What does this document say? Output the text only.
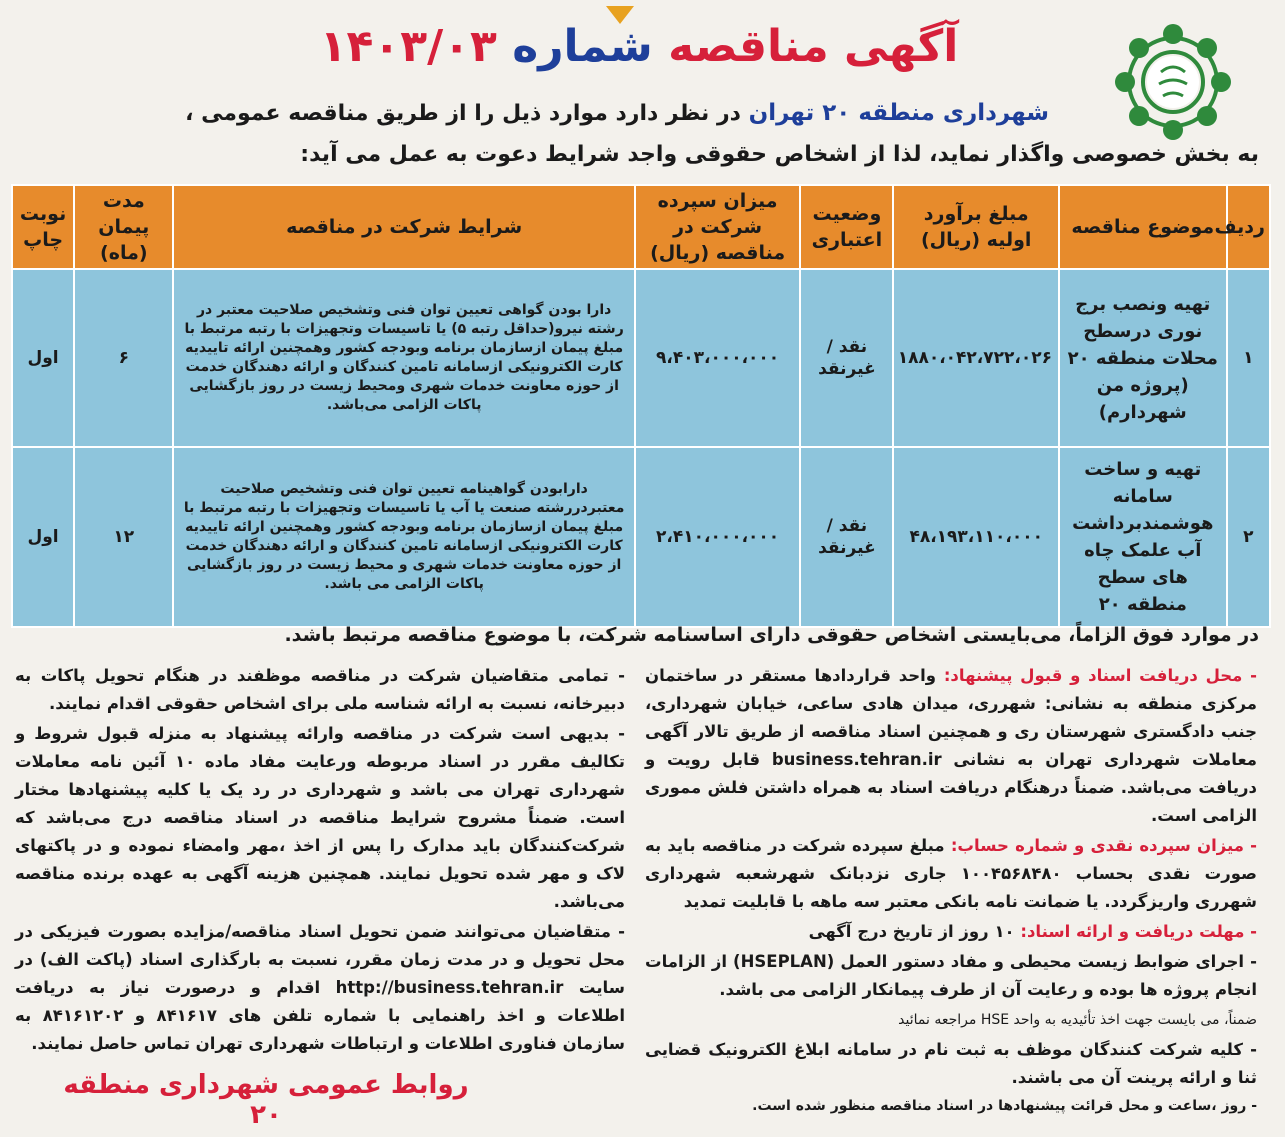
آگهی مناقصه شماره ۱۴۰۳/۰۳
شهرداری منطقه ۲۰ تهران در نظر دارد موارد ذیل را از طریق مناقصه عمومی ،
به بخش خصوصی واگذار نماید، لذا از اشخاص حقوقی واجد شرایط دعوت به عمل می آید:
ردیف	موضوع مناقصه	مبلغ برآورد اولیه (ریال)	وضعیت اعتباری	میزان سپرده شرکت در مناقصه (ریال)	شرایط شرکت در مناقصه	مدت پیمان (ماه)	نوبت چاپ
۱	تهیه ونصب برج نوری درسطح محلات منطقه ۲۰ (پروژه من شهردارم)	۱۸۸۰،۰۴۲،۷۲۲،۰۲۶	نقد / غیرنقد	۹،۴۰۳،۰۰۰،۰۰۰	دارا بودن گواهی تعیین توان فنی وتشخیص صلاحیت معتبر در رشته نیرو(حداقل رتبه ۵) یا تاسیسات وتجهیزات با رتبه مرتبط با مبلغ پیمان ازسازمان برنامه وبودجه کشور وهمچنین ارائه تاییدیه کارت الکترونیکی ازسامانه تامین کنندگان و ارائه دهندگان خدمت از حوزه معاونت خدمات شهری ومحیط زیست در روز بازگشایی پاکات الزامی می‌باشد.	۶	اول
۲	تهیه و ساخت سامانه هوشمندبرداشت آب علمک چاه های سطح منطقه ۲۰	۴۸،۱۹۳،۱۱۰،۰۰۰	نقد / غیرنقد	۲،۴۱۰،۰۰۰،۰۰۰	دارابودن گواهینامه تعیین توان فنی وتشخیص صلاحیت معتبردررشته صنعت یا آب یا تاسیسات وتجهیزات با رتبه مرتبط با مبلغ پیمان ازسازمان برنامه وبودجه کشور وهمچنین ارائه تاییدیه کارت الکترونیکی ازسامانه تامین کنندگان و ارائه دهندگان خدمت از حوزه معاونت خدمات شهری و محیط زیست در روز بازگشایی پاکات الزامی می باشد.	۱۲	اول
در موارد فوق الزاماً، می‌بایستی اشخاص حقوقی دارای اساسنامه شرکت، با موضوع مناقصه مرتبط باشد.

- محل دریافت اسناد و قبول پیشنهاد: واحد قراردادها مستقر در ساختمان مرکزی منطقه به نشانی: شهرری، میدان هادی ساعی، خیابان شهرداری، جنب دادگستری شهرستان ری و همچنین اسناد مناقصه از طریق تالار آگهی معاملات شهرداری تهران به نشانی business.tehran.ir قابل رویت و دریافت می‌باشد. ضمناً درهنگام دریافت اسناد به همراه داشتن فلش مموری الزامی است.

- میزان سپرده نقدی و شماره حساب: مبلغ سپرده شرکت در مناقصه باید به صورت نقدی بحساب ۱۰۰۴۵۶۸۴۸۰ جاری نزدبانک شهرشعبه شهرداری شهرری واریزگردد. یا ضمانت نامه بانکی معتبر سه ماهه با قابلیت تمدید

- مهلت دریافت و ارائه اسناد: ۱۰ روز از تاریخ درج آگهی

- اجرای ضوابط زیست محیطی و مفاد دستور العمل (HSEPLAN) از الزامات انجام پروژه ها بوده و رعایت آن از طرف پیمانکار الزامی می باشد.

ضمناً، می بایست جهت اخذ تأئیدیه به واحد HSE مراجعه نمائید

- کلیه شرکت کنندگان موظف به ثبت نام در سامانه ابلاغ الکترونیک قضایی ثنا و ارائه پرینت آن می باشند.

- روز ،ساعت و محل قرائت پیشنهادها در اسناد مناقصه منظور شده است.

- تمامی متقاضیان شرکت در مناقصه موظفند در هنگام تحویل پاکات به دبیرخانه، نسبت به ارائه شناسه ملی برای اشخاص حقوقی اقدام نمایند.

- بدیهی است شرکت در مناقصه وارائه پیشنهاد به منزله قبول شروط و تکالیف مقرر در اسناد مربوطه ورعایت مفاد ماده ۱۰ آئین نامه معاملات شهرداری تهران می باشد و شهرداری در رد یک یا کلیه پیشنهادها مختار است. ضمناً مشروح شرایط مناقصه در اسناد مناقصه درج می‌باشد که شرکت‌کنندگان باید مدارک را پس از اخذ ،مهر وامضاء نموده و در پاکتهای لاک و مهر شده تحویل نمایند. همچنین هزینه آگهی به عهده برنده مناقصه می‌باشد.

- متقاضیان می‌توانند ضمن تحویل اسناد مناقصه/مزایده بصورت فیزیکی در محل تحویل و در مدت زمان مقرر، نسبت به بارگذاری اسناد (پاکت الف) در سایت http://business.tehran.ir اقدام و درصورت نیاز به دریافت اطلاعات و اخذ راهنمایی با شماره تلفن های ۸۴۱۶۱۷ و ۸۴۱۶۱۲۰۲ به سازمان فناوری اطلاعات و ارتباطات شهرداری تهران تماس حاصل نمایند.

روابط عمومی شهرداری منطقه ۲۰
